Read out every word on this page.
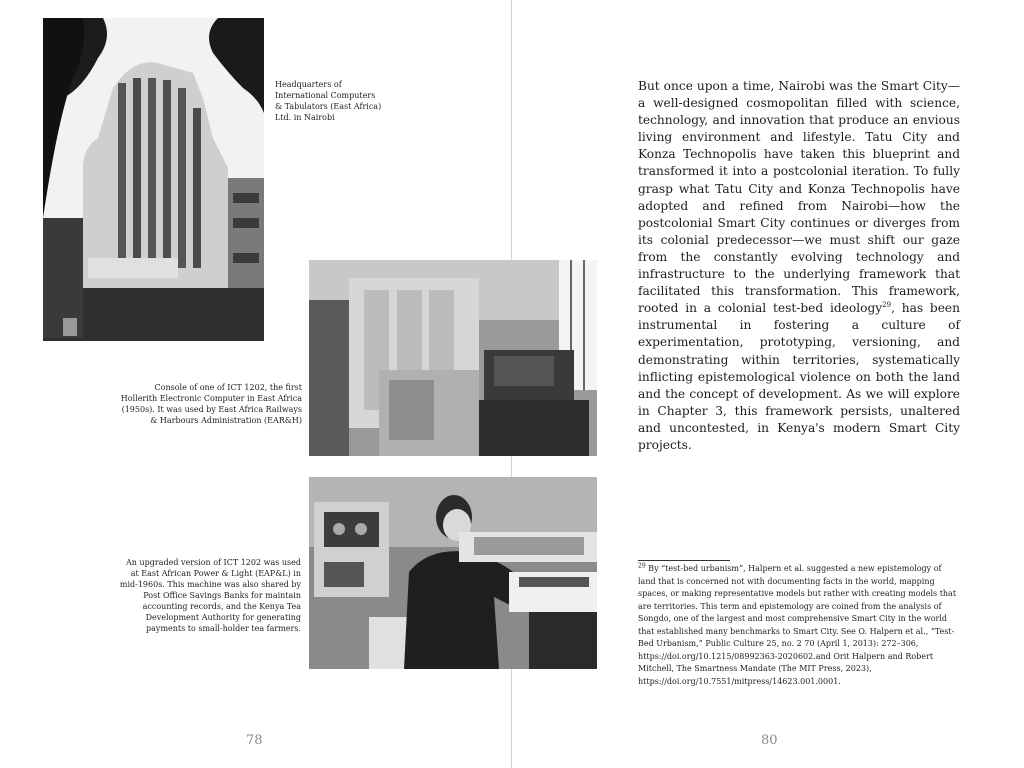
Headquarters of International Computers & Tabulators (East Africa) Ltd. in Nairobi
Console of one of ICT 1202, the first Hollerith Electronic Computer in East Africa (1950s). It was used by East Africa Railways & Harbours Administration (EAR&H)
An upgraded version of ICT 1202 was used at East African Power & Light (EAP&L) in mid-1960s. This machine was also shared by Post Office Savings Banks for maintain accounting records, and the Kenya Tea Development Authority for generating payments to small-holder tea farmers.
But once upon a time, Nairobi was the Smart City—a well-designed cosmopolitan filled with science, technology, and innovation that produce an envious living environment and lifestyle. Tatu City and Konza Technopolis have taken this blueprint and transformed it into a postcolonial iteration. To fully grasp what Tatu City and Konza Technopolis have adopted and refined from Nairobi—how the postcolonial Smart City continues or diverges from its colonial predecessor—we must shift our gaze from the constantly evolving technology and infrastructure to the underlying framework that facilitated this transformation. This framework, rooted in a colonial test-bed ideology$^{29}$, has been instrumental in fostering a culture of experimentation, prototyping, versioning, and demonstrating within territories, systematically inflicting epistemological violence on both the land and the concept of development. As we will explore in Chapter 3, this framework persists, unaltered and uncontested, in Kenya's modern Smart City projects.
$^{29}$ By “test-bed urbanism”, Halpern et al. suggested a new epistemology of land that is concerned not with documenting facts in the world, mapping spaces, or making representative models but rather with creating models that are territories. This term and epistemology are coined from the analysis of Songdo, one of the largest and most comprehensive Smart City in the world that established many benchmarks to Smart City. See O. Halpern et al., “Test-Bed Urbanism,” Public Culture 25, no. 2 70 (April 1, 2013): 272–306, https://doi.org/10.1215/08992363-2020602.and Orit Halpern and Robert Mitchell, The Smartness Mandate (The MIT Press, 2023), https://doi.org/10.7551/mitpress/14623.001.0001.
78	80
